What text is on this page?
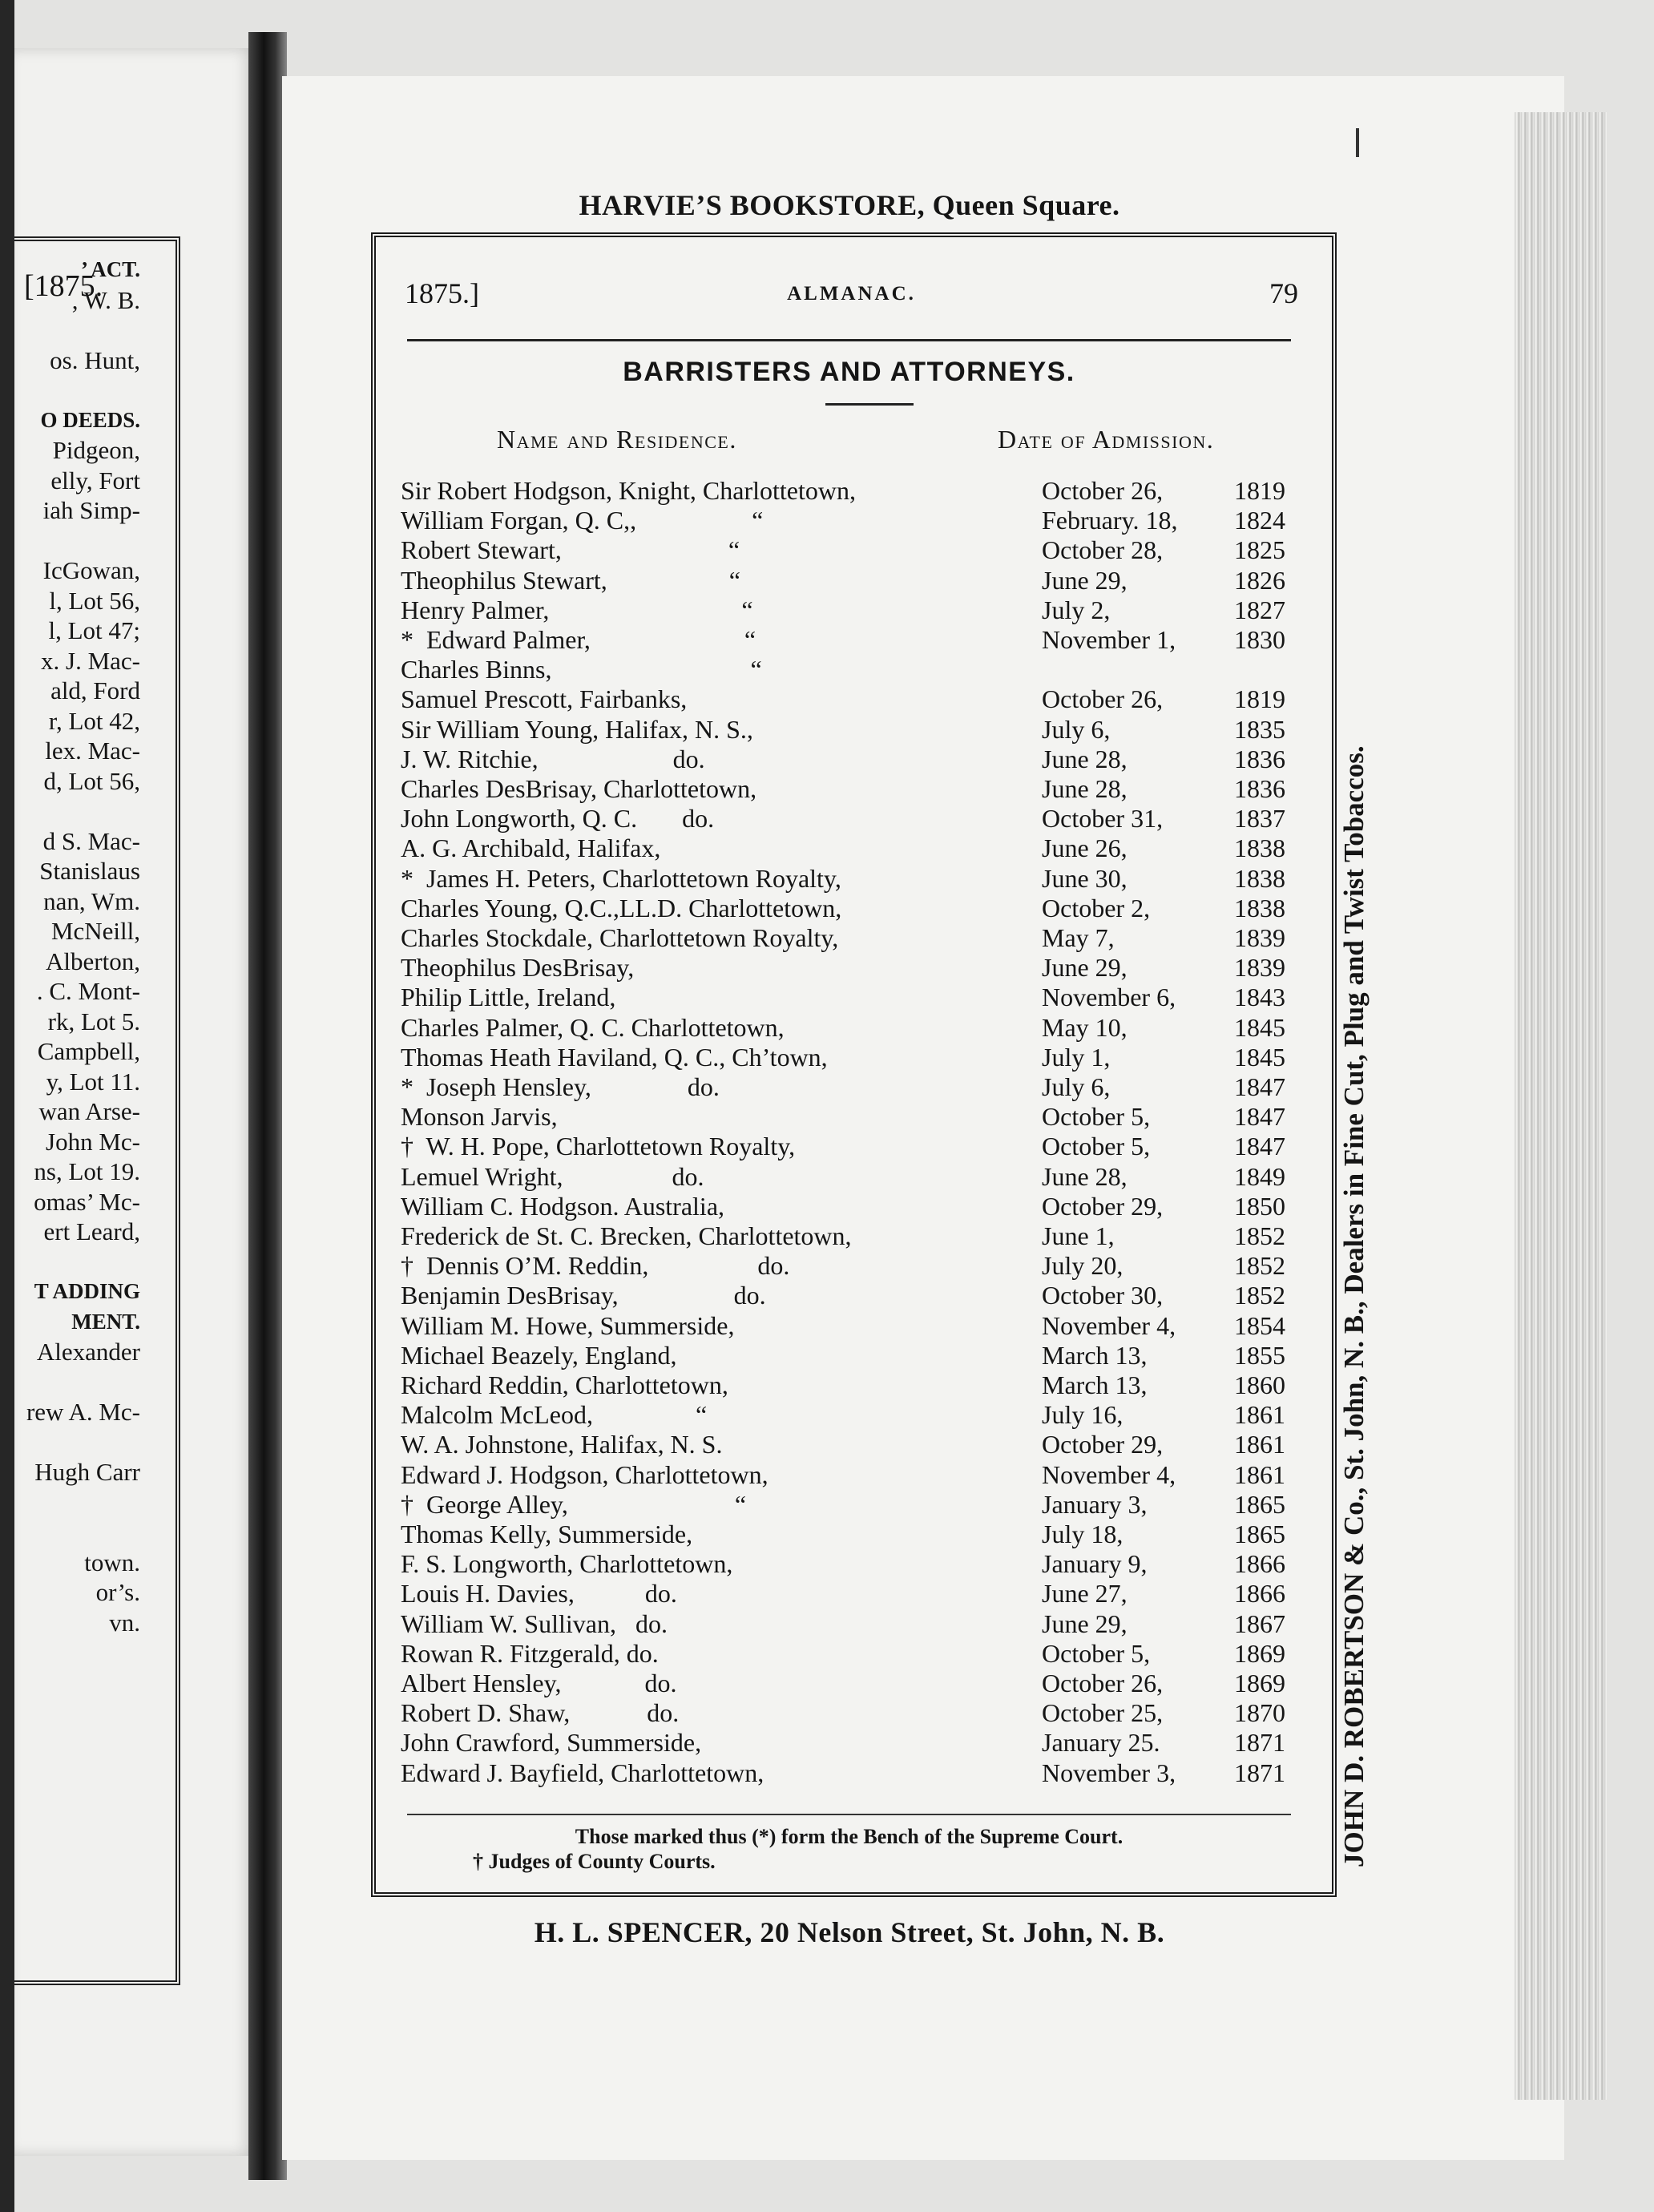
[1875.
’ ACT.
, W. B.
os. Hunt,
O DEEDS.
Pidgeon,
elly, Fort
iah Simp-
IcGowan,
l, Lot 56,
l, Lot 47;
x. J. Mac-
ald, Ford
r, Lot 42,
lex. Mac-
d, Lot 56,
d S. Mac-
Stanislaus
nan, Wm.
McNeill,
Alberton,
. C. Mont-
rk, Lot 5.
Campbell,
y, Lot 11.
wan Arse-
John Mc-
ns, Lot 19.
omas’ Mc-
ert Leard,
T ADDING
MENT.
Alexander
rew A. Mc-
Hugh Carr
town.
or’s.
vn.	JOHN D. ROBERTSON & Co., St. John, N. B., Dealers in Fine Cut, Plug and Twist Tobaccos.
HARVIE’S BOOKSTORE, Queen Square.
1875.]	ALMANAC.	79
BARRISTERS AND ATTORNEYS.
Name and Residence.	Date of Admission.
Sir Robert Hodgson, Knight, Charlottetown,	October 26,	1819
William Forgan, Q. C,,                  “	February. 18, 1824
Robert Stewart,                          “	October 28,	1825
Theophilus Stewart,                   “	June 29,	1826
Henry Palmer,                              “	July 2,	1827
*  Edward Palmer,                        “	November 1, 1830
Charles Binns,                               “
Samuel Prescott, Fairbanks,	October 26,	1819
Sir William Young, Halifax, N. S.,	July 6,	1835
J. W. Ritchie,                     do.	June 28,	1836
Charles DesBrisay, Charlottetown,	June 28,	1836
John Longworth, Q. C.       do.	October 31,	1837
A. G. Archibald, Halifax,	June 26,	1838
*  James H. Peters, Charlottetown Royalty,	June 30,	1838
Charles Young, Q.C.,LL.D. Charlottetown,	October 2,	1838
Charles Stockdale, Charlottetown Royalty,	May 7,	1839
Theophilus DesBrisay,	June 29,	1839
Philip Little, Ireland,	November 6, 1843
Charles Palmer, Q. C. Charlottetown,	May 10,	1845
Thomas Heath Haviland, Q. C., Ch’town,	July 1,	1845
*  Joseph Hensley,               do.	July 6,	1847
Monson Jarvis,	October 5,	1847
†  W. H. Pope, Charlottetown Royalty,	October 5,	1847
Lemuel Wright,                 do.	June 28,	1849
William C. Hodgson. Australia,	October 29,	1850
Frederick de St. C. Brecken, Charlottetown,	June 1,	1852
†  Dennis O’M. Reddin,                 do.	July 20,	1852
Benjamin DesBrisay,                  do.	October 30,	1852
William M. Howe, Summerside,	November 4, 1854
Michael Beazely, England,	March 13,	1855
Richard Reddin, Charlottetown,	March 13,	1860
Malcolm McLeod,                “	July 16,	1861
W. A. Johnstone, Halifax, N. S.	October 29,	1861
Edward J. Hodgson, Charlottetown,	November 4, 1861
†  George Alley,                          “	January 3,	1865
Thomas Kelly, Summerside,	July 18,	1865
F. S. Longworth, Charlottetown,	January 9,	1866
Louis H. Davies,           do.	June 27,	1866
William W. Sullivan,   do.	June 29,	1867
Rowan R. Fitzgerald, do.	October 5,	1869
Albert Hensley,             do.	October 26,	1869
Robert D. Shaw,            do.	October 25,	1870
John Crawford, Summerside,	January 25.	1871
Edward J. Bayfield, Charlottetown,	November 3, 1871
Those marked thus (*) form the Bench of the Supreme Court.
† Judges of County Courts.
H. L. SPENCER, 20 Nelson Street, St. John, N. B.
